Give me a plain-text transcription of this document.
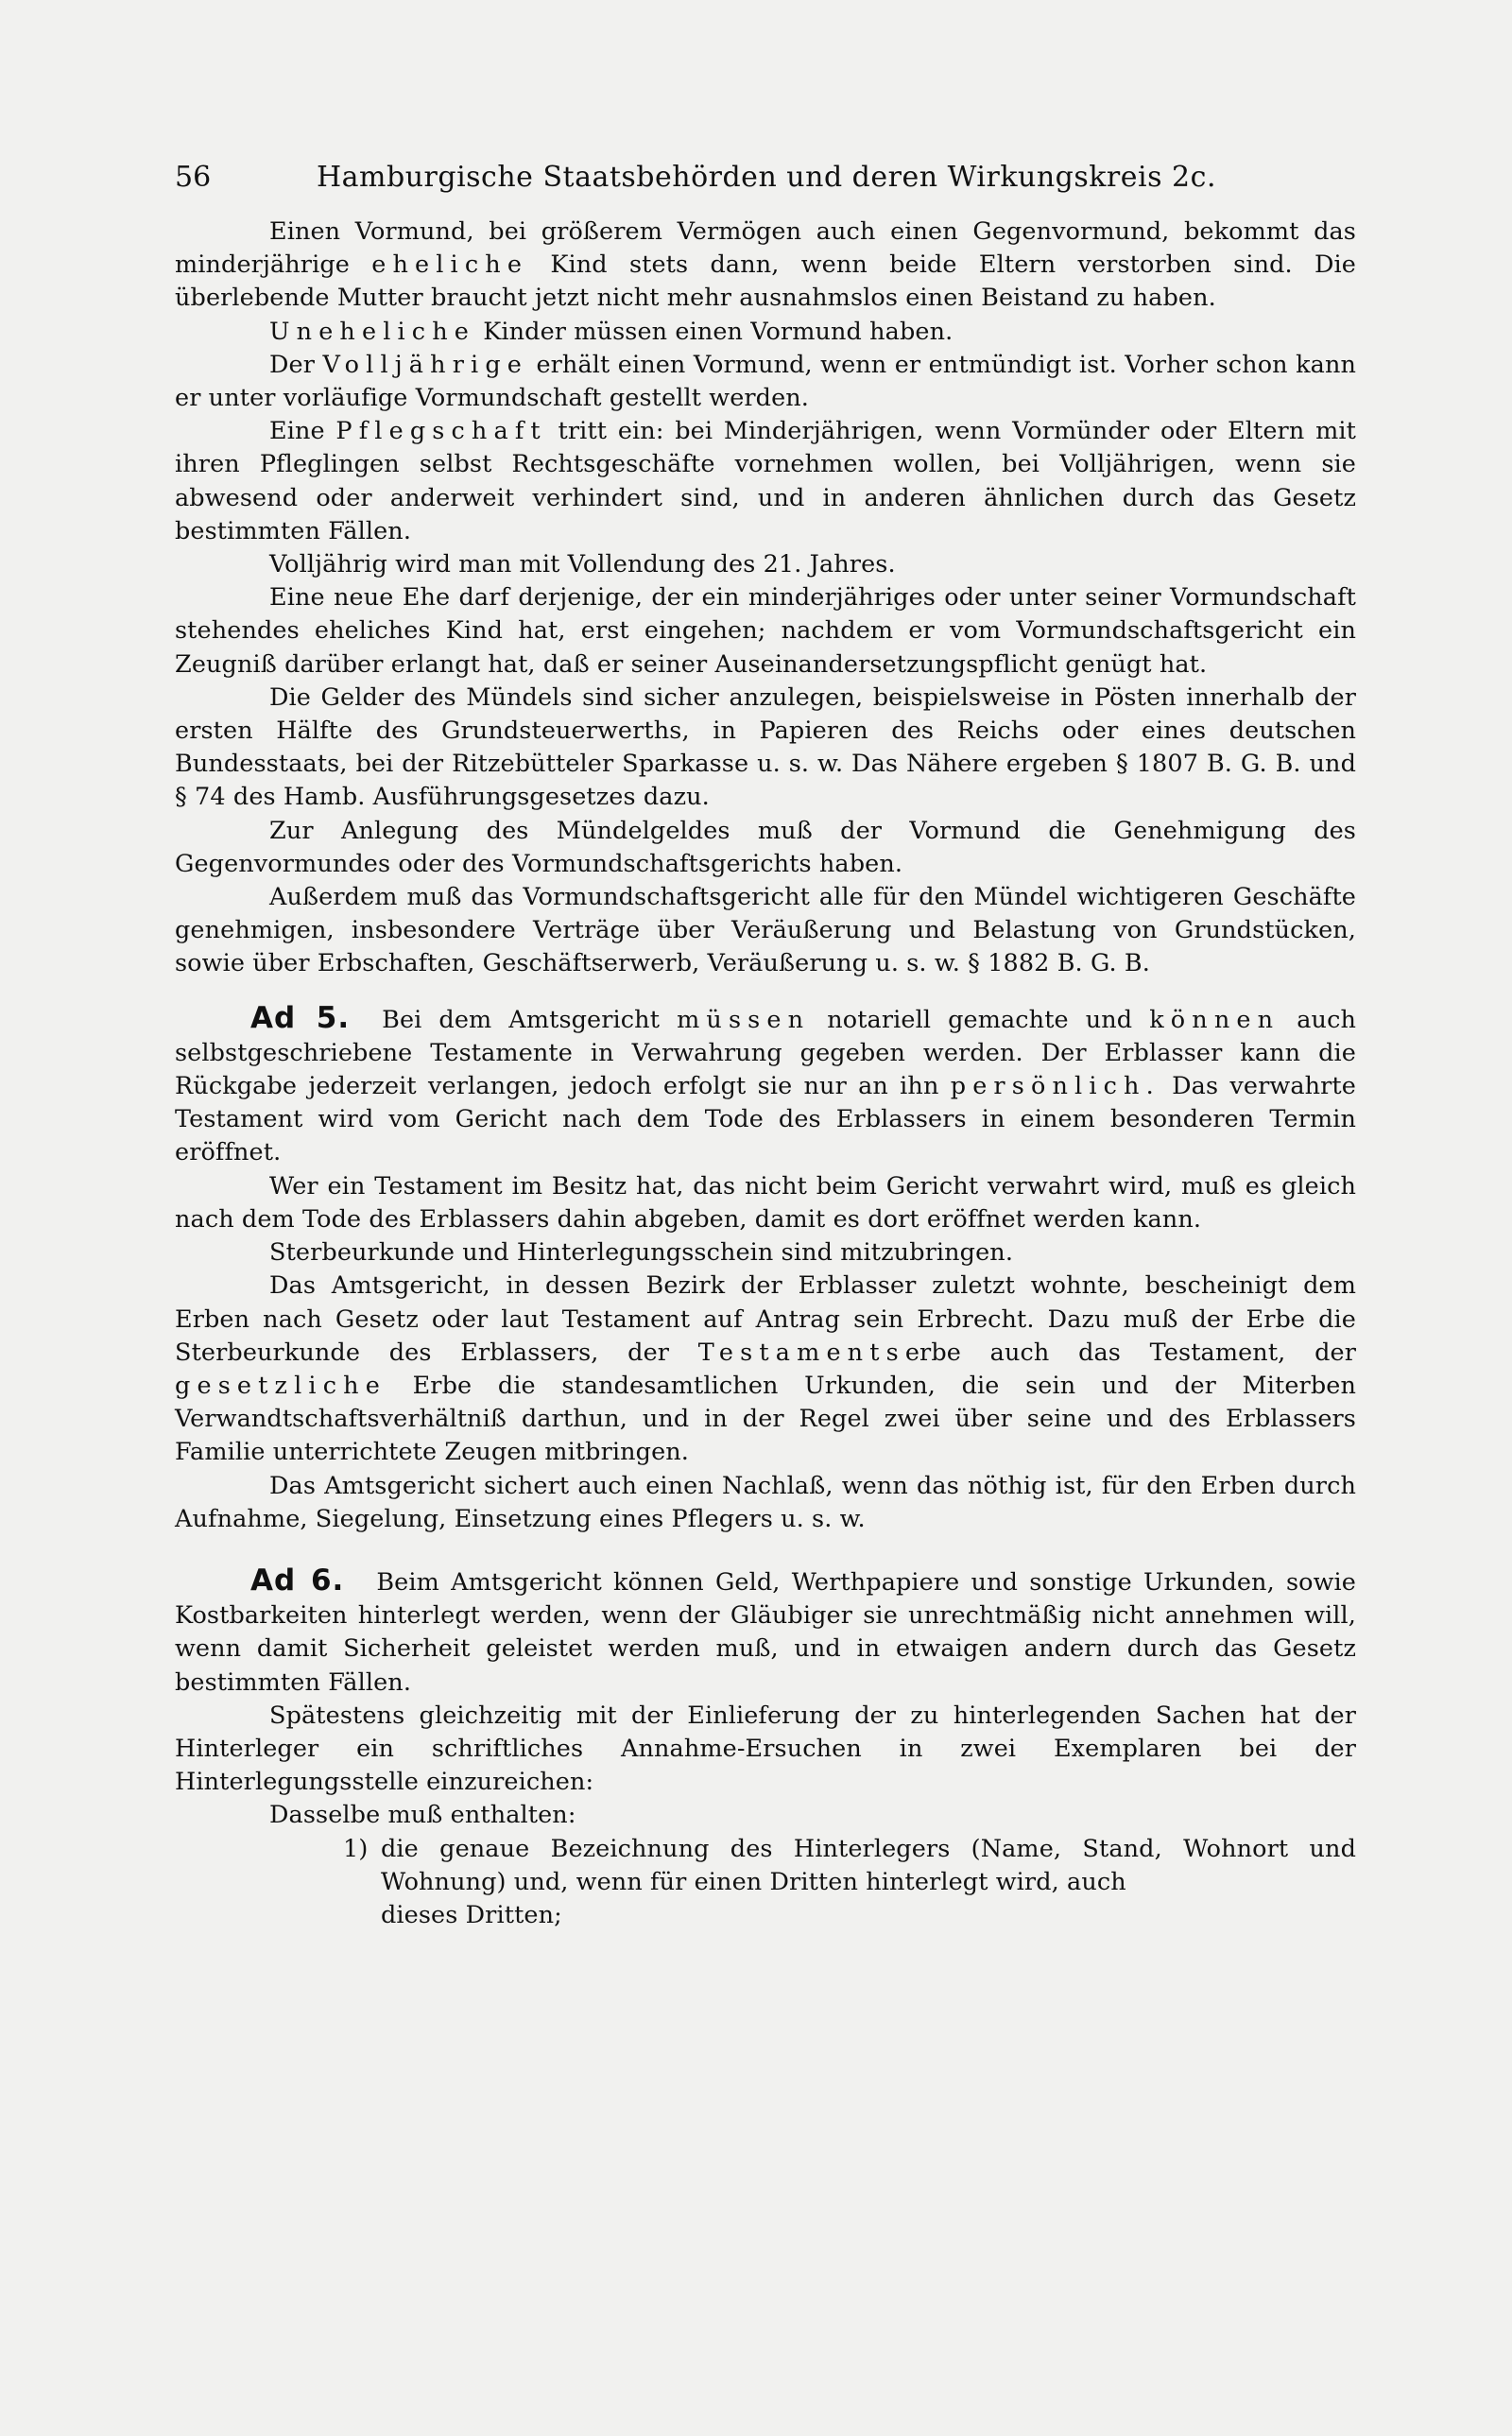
56	Hamburgische Staatsbehörden und deren Wirkungskreis 2c.

Einen Vormund, bei größerem Vermögen auch einen Gegenvormund, bekommt das minderjährige eheliche Kind stets dann, wenn beide Eltern verstorben sind. Die überlebende Mutter braucht jetzt nicht mehr ausnahmslos einen Beistand zu haben.

Uneheliche Kinder müssen einen Vormund haben.

Der Volljährige erhält einen Vormund, wenn er entmündigt ist. Vorher schon kann er unter vorläufige Vormundschaft gestellt werden.

Eine Pflegschaft tritt ein: bei Minderjährigen, wenn Vormünder oder Eltern mit ihren Pfleglingen selbst Rechtsgeschäfte vornehmen wollen, bei Volljährigen, wenn sie abwesend oder anderweit verhindert sind, und in anderen ähnlichen durch das Gesetz bestimmten Fällen.

Volljährig wird man mit Vollendung des 21. Jahres.

Eine neue Ehe darf derjenige, der ein minderjähriges oder unter seiner Vormundschaft stehendes eheliches Kind hat, erst eingehen; nachdem er vom Vormundschaftsgericht ein Zeugniß darüber erlangt hat, daß er seiner Auseinandersetzungspflicht genügt hat.

Die Gelder des Mündels sind sicher anzulegen, beispielsweise in Pösten innerhalb der ersten Hälfte des Grundsteuerwerths, in Papieren des Reichs oder eines deutschen Bundesstaats, bei der Ritzebütteler Sparkasse u. s. w. Das Nähere ergeben § 1807 B. G. B. und § 74 des Hamb. Ausführungsgesetzes dazu.

Zur Anlegung des Mündelgeldes muß der Vormund die Genehmigung des Gegenvormundes oder des Vormundschaftsgerichts haben.

Außerdem muß das Vormundschaftsgericht alle für den Mündel wichtigeren Geschäfte genehmigen, insbesondere Verträge über Veräußerung und Belastung von Grundstücken, sowie über Erbschaften, Geschäftserwerb, Veräußerung u. s. w. § 1882 B. G. B.

Ad 5. Bei dem Amtsgericht müssen notariell gemachte und können auch selbstgeschriebene Testamente in Verwahrung gegeben werden. Der Erblasser kann die Rückgabe jederzeit verlangen, jedoch erfolgt sie nur an ihn persönlich. Das verwahrte Testament wird vom Gericht nach dem Tode des Erblassers in einem besonderen Termin eröffnet.

Wer ein Testament im Besitz hat, das nicht beim Gericht verwahrt wird, muß es gleich nach dem Tode des Erblassers dahin abgeben, damit es dort eröffnet werden kann.

Sterbeurkunde und Hinterlegungsschein sind mitzubringen.

Das Amtsgericht, in dessen Bezirk der Erblasser zuletzt wohnte, bescheinigt dem Erben nach Gesetz oder laut Testament auf Antrag sein Erbrecht. Dazu muß der Erbe die Sterbeurkunde des Erblassers, der Testamentserbe auch das Testament, der gesetzliche Erbe die standesamtlichen Urkunden, die sein und der Miterben Verwandtschaftsverhältniß darthun, und in der Regel zwei über seine und des Erblassers Familie unterrichtete Zeugen mitbringen.

Das Amtsgericht sichert auch einen Nachlaß, wenn das nöthig ist, für den Erben durch Aufnahme, Siegelung, Einsetzung eines Pflegers u. s. w.

Ad 6. Beim Amtsgericht können Geld, Werthpapiere und sonstige Urkunden, sowie Kostbarkeiten hinterlegt werden, wenn der Gläubiger sie unrechtmäßig nicht annehmen will, wenn damit Sicherheit geleistet werden muß, und in etwaigen andern durch das Gesetz bestimmten Fällen.

Spätestens gleichzeitig mit der Einlieferung der zu hinterlegenden Sachen hat der Hinterleger ein schriftliches Annahme-Ersuchen in zwei Exemplaren bei der Hinterlegungsstelle einzureichen:

Dasselbe muß enthalten:

1) die genaue Bezeichnung des Hinterlegers (Name, Stand, Wohnort und Wohnung) und, wenn für einen Dritten hinterlegt wird, auch

dieses Dritten;
